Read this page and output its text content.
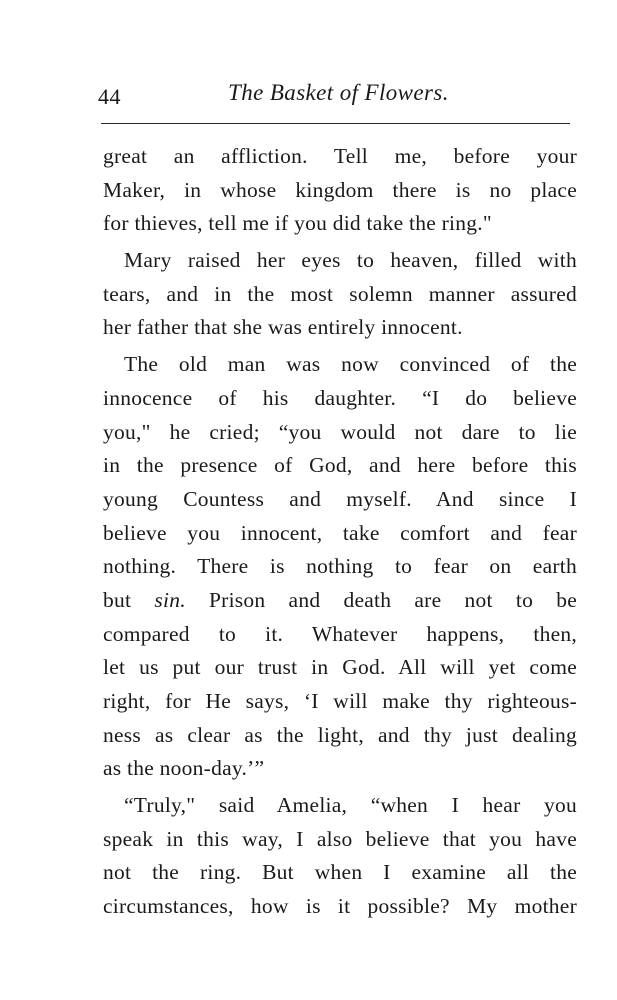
44	The Basket of Flowers.
great an affliction. Tell me, before your
Maker, in whose kingdom there is no place
for thieves, tell me if you did take the ring."
Mary raised her eyes to heaven, filled with
tears, and in the most solemn manner assured
her father that she was entirely innocent.
The old man was now convinced of the
innocence of his daughter. “I do believe
you," he cried; “you would not dare to lie
in the presence of God, and here before this
young Countess and myself. And since I
believe you innocent, take comfort and fear
nothing. There is nothing to fear on earth
but sin. Prison and death are not to be
compared to it. Whatever happens, then,
let us put our trust in God. All will yet come
right, for He says, ‘I will make thy righteous-
ness as clear as the light, and thy just dealing
as the noon-day.’”
“Truly," said Amelia, “when I hear you
speak in this way, I also believe that you have
not the ring. But when I examine all the
circumstances, how is it possible? My mother
